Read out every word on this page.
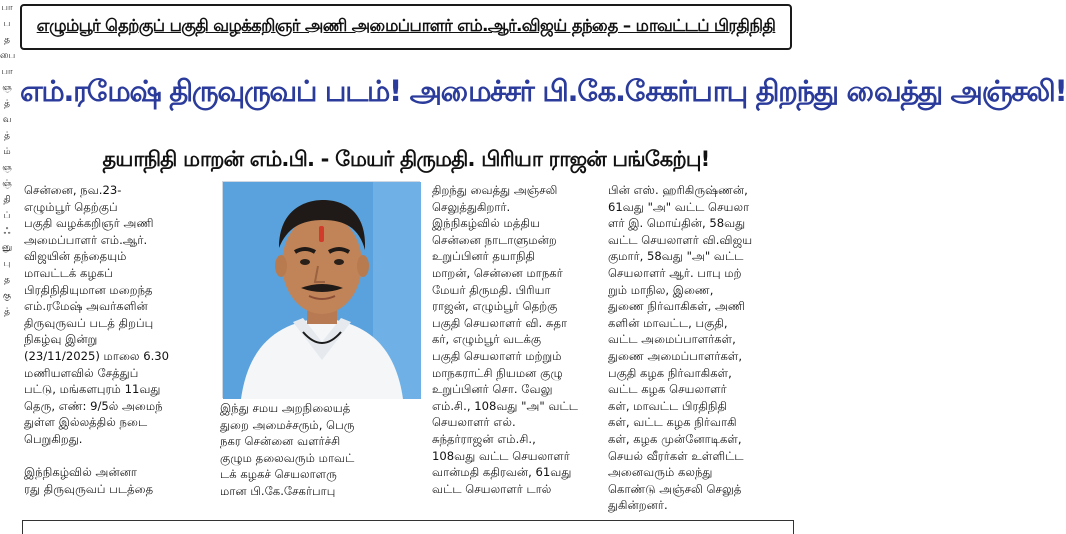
பா
ப
த
பை
பா
ஞ
த்
வ
த்
ம்
ஞ
ஞ்
தி
ப்
ஃ
னு
பு
த
கு
த்
எழும்பூர் தெற்குப் பகுதி வழக்கறிஞர் அணி அமைப்பாளர் எம்.ஆர்.விஜய் தந்தை – மாவட்டப் பிரதிநிதி
எம்.ரமேஷ் திருவுருவப் படம்! அமைச்சர் பி.கே.சேகர்பாபு திறந்து வைத்து அஞ்சலி!
தயாநிதி மாறன் எம்.பி. - மேயர் திருமதி. பிரியா ராஜன் பங்கேற்பு!
சென்னை, நவ.23-
எழும்பூர் தெற்குப்
பகுதி வழக்கறிஞர் அணி
அமைப்பாளர் எம்.ஆர்.
விஜயின் தந்தையும்
மாவட்டக் கழகப்
பிரதிநிதியுமான மறைந்த
எம்.ரமேஷ் அவர்களின்
திருவுருவப் படத் திறப்பு
நிகழ்வு இன்று
(23/11/2025) மாலை 6.30
மணியளவில் சேத்துப்
பட்டு, மங்களபுரம் 11வது
தெரு, எண்: 9/5ல் அமைந்
துள்ள இல்லத்தில் நடை
பெறுகிறது.

இந்நிகழ்வில் அன்னா
ரது திருவுருவப் படத்தை
இந்து சமய அறநிலையத்
துறை அமைச்சரும், பெரு
நகர சென்னை வளர்ச்சி
குழும தலைவரும் மாவட்
டக் கழகச் செயலாளரு
மான பி.கே.சேகர்பாபு
திறந்து வைத்து அஞ்சலி
செலுத்துகிறார்.
இந்நிகழ்வில் மத்திய
சென்னை நாடாளுமன்ற
உறுப்பினர் தயாநிதி
மாறன், சென்னை மாநகர்
மேயர் திருமதி. பிரியா
ராஜன், எழும்பூர் தெற்கு
பகுதி செயலாளர் வி. சுதா
கர், எழும்பூர் வடக்கு
பகுதி செயலாளர் மற்றும்
மாநகராட்சி நியமன குழு
உறுப்பினர் சொ. வேலு
எம்.சி., 108வது "அ" வட்ட
செயலாளர் எல்.
சுந்தர்ராஜன் எம்.சி.,
108வது வட்ட செயலாளர்
வான்மதி கதிரவன், 61வது
வட்ட செயலாளர் டால்
பின் எஸ். ஹரிகிருஷ்ணன்,
61வது "அ" வட்ட செயலா
ளர் இ. மொய்தின், 58வது
வட்ட செயலாளர் வி.விஜய
குமார், 58வது "அ" வட்ட
செயலாளர் ஆர். பாபு மற்
றும் மாநில, இணை,
துணை நிர்வாகிகள், அணி
களின் மாவட்ட, பகுதி,
வட்ட அமைப்பாளர்கள்,
துணை அமைப்பாளர்கள்,
பகுதி கழக நிர்வாகிகள்,
வட்ட கழக செயலாளர்
கள், மாவட்ட பிரதிநிதி
கள், வட்ட கழக நிர்வாகி
கள், கழக முன்னோடிகள்,
செயல் வீரர்கள் உள்ளிட்ட
அனைவரும் கலந்து
கொண்டு அஞ்சலி செலுத்
துகின்றனர்.
